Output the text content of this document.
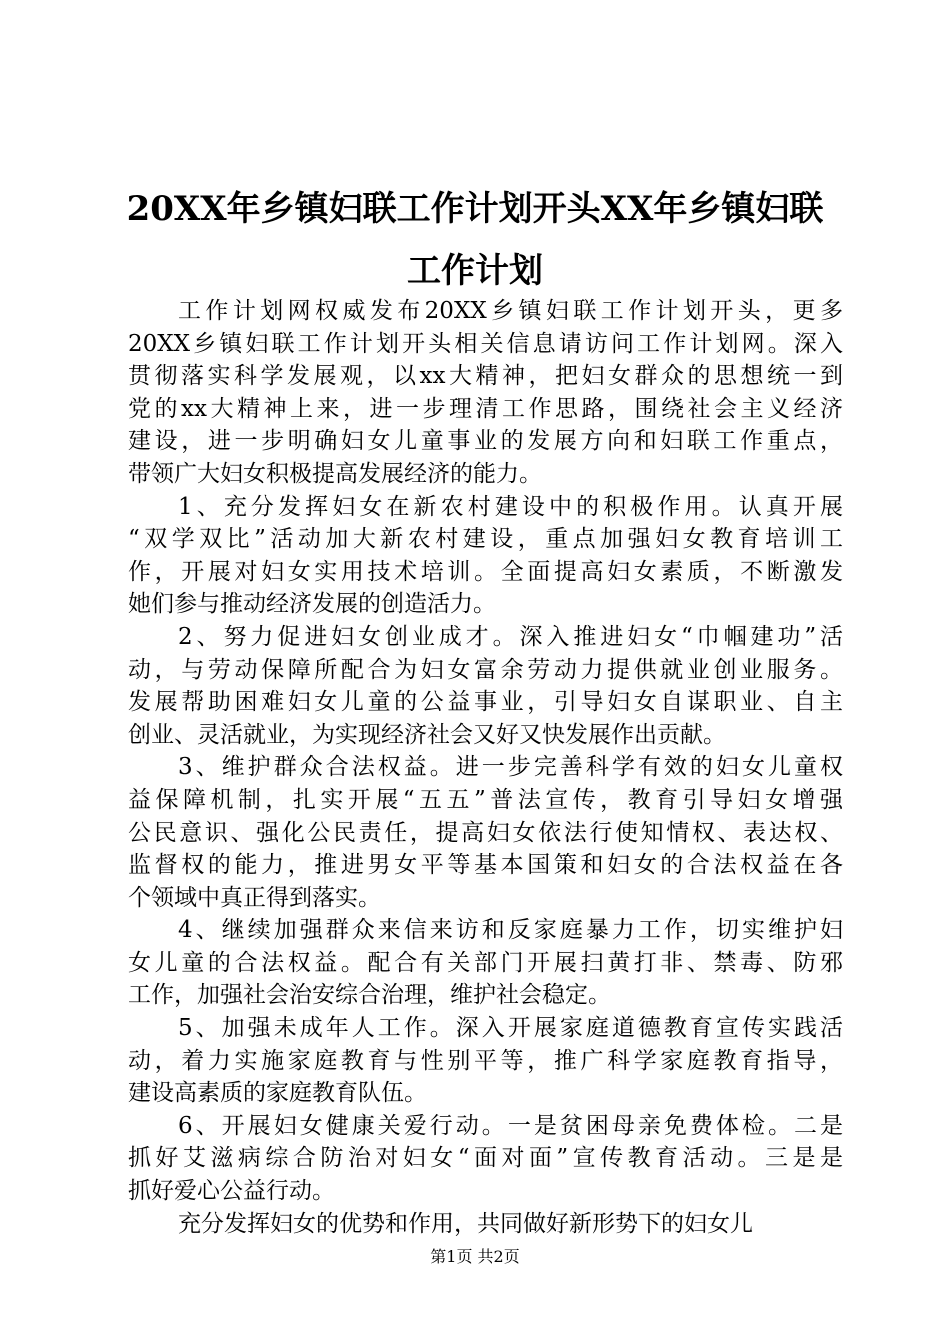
20XX年乡镇妇联工作计划开头XX年乡镇妇联
工作计划
工作计划网权威发布20XX乡镇妇联工作计划开头，更多
20XX乡镇妇联工作计划开头相关信息请访问工作计划网。深入
贯彻落实科学发展观，以xx大精神，把妇女群众的思想统一到
党的xx大精神上来，进一步理清工作思路，围绕社会主义经济
建设，进一步明确妇女儿童事业的发展方向和妇联工作重点，
带领广大妇女积极提高发展经济的能力。
1、充分发挥妇女在新农村建设中的积极作用。认真开展
“双学双比”活动加大新农村建设，重点加强妇女教育培训工
作，开展对妇女实用技术培训。全面提高妇女素质，不断激发
她们参与推动经济发展的创造活力。
2、努力促进妇女创业成才。深入推进妇女“巾帼建功”活
动，与劳动保障所配合为妇女富余劳动力提供就业创业服务。
发展帮助困难妇女儿童的公益事业，引导妇女自谋职业、自主
创业、灵活就业，为实现经济社会又好又快发展作出贡献。
3、维护群众合法权益。进一步完善科学有效的妇女儿童权
益保障机制，扎实开展“五五”普法宣传，教育引导妇女增强
公民意识、强化公民责任，提高妇女依法行使知情权、表达权、
监督权的能力，推进男女平等基本国策和妇女的合法权益在各
个领域中真正得到落实。
4、继续加强群众来信来访和反家庭暴力工作，切实维护妇
女儿童的合法权益。配合有关部门开展扫黄打非、禁毒、防邪
工作，加强社会治安综合治理，维护社会稳定。
5、加强未成年人工作。深入开展家庭道德教育宣传实践活
动，着力实施家庭教育与性别平等，推广科学家庭教育指导，
建设高素质的家庭教育队伍。
6、开展妇女健康关爱行动。一是贫困母亲免费体检。二是
抓好艾滋病综合防治对妇女“面对面”宣传教育活动。三是是
抓好爱心公益行动。
充分发挥妇女的优势和作用，共同做好新形势下的妇女儿
第1页 共2页
